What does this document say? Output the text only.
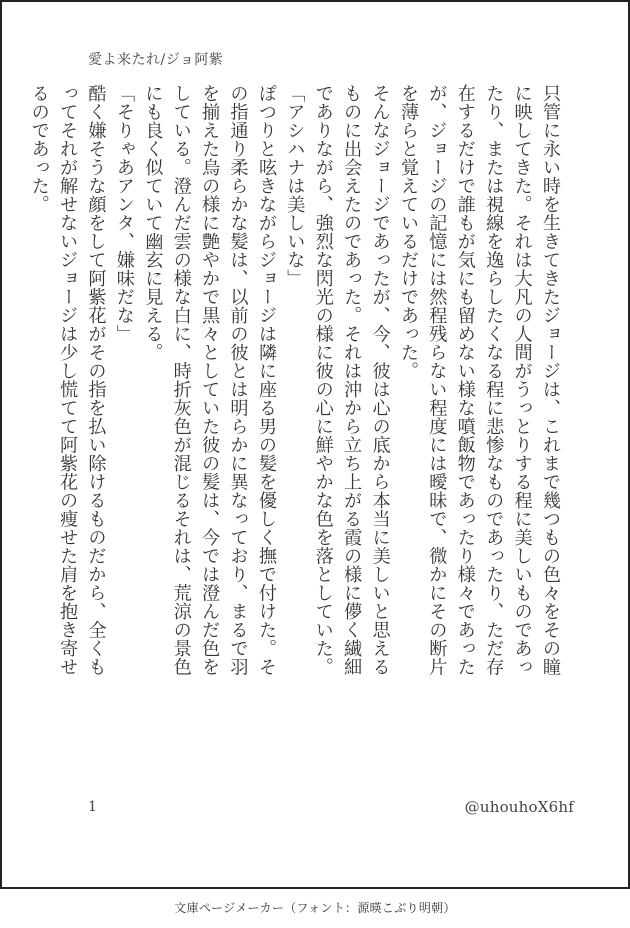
愛よ来たれ/ジョ阿紫

只管に永い時を生きてきたジョージは、これまで幾つもの色々をその瞳に映してきた。それは大凡の人間がうっとりする程に美しいものであったり、または視線を逸らしたくなる程に悲惨なものであったり、ただ存在するだけで誰もが気にも留めない様な噴飯物であったり様々であったが、ジョージの記憶には然程残らない程度には曖昧で、微かにその断片を薄らと覚えているだけであった。

そんなジョージであったが、今、彼は心の底から本当に美しいと思えるものに出会えたのであった。それは沖から立ち上がる霞の様に儚く繊細でありながら、強烈な閃光の様に彼の心に鮮やかな色を落としていた。

「アシハナは美しいな」

ぽつりと呟きながらジョージは隣に座る男の髪を優しく撫で付けた。その指通り柔らかな髪は、以前の彼とは明らかに異なっており、まるで羽を揃えた烏の様に艶やかで黒々としていた彼の髪は、今では澄んだ色をしている。澄んだ雲の様な白に、時折灰色が混じるそれは、荒涼の景色にも良く似ていて幽玄に見える。

「そりゃあアンタ、嫌味だな」

酷く嫌そうな顔をして阿紫花がその指を払い除けるものだから、全くもってそれが解せないジョージは少し慌てて阿紫花の痩せた肩を抱き寄せるのであった。

1	@uhouhoX6hf
文庫ページメーカー（フォント：源暎こぶり明朝）
